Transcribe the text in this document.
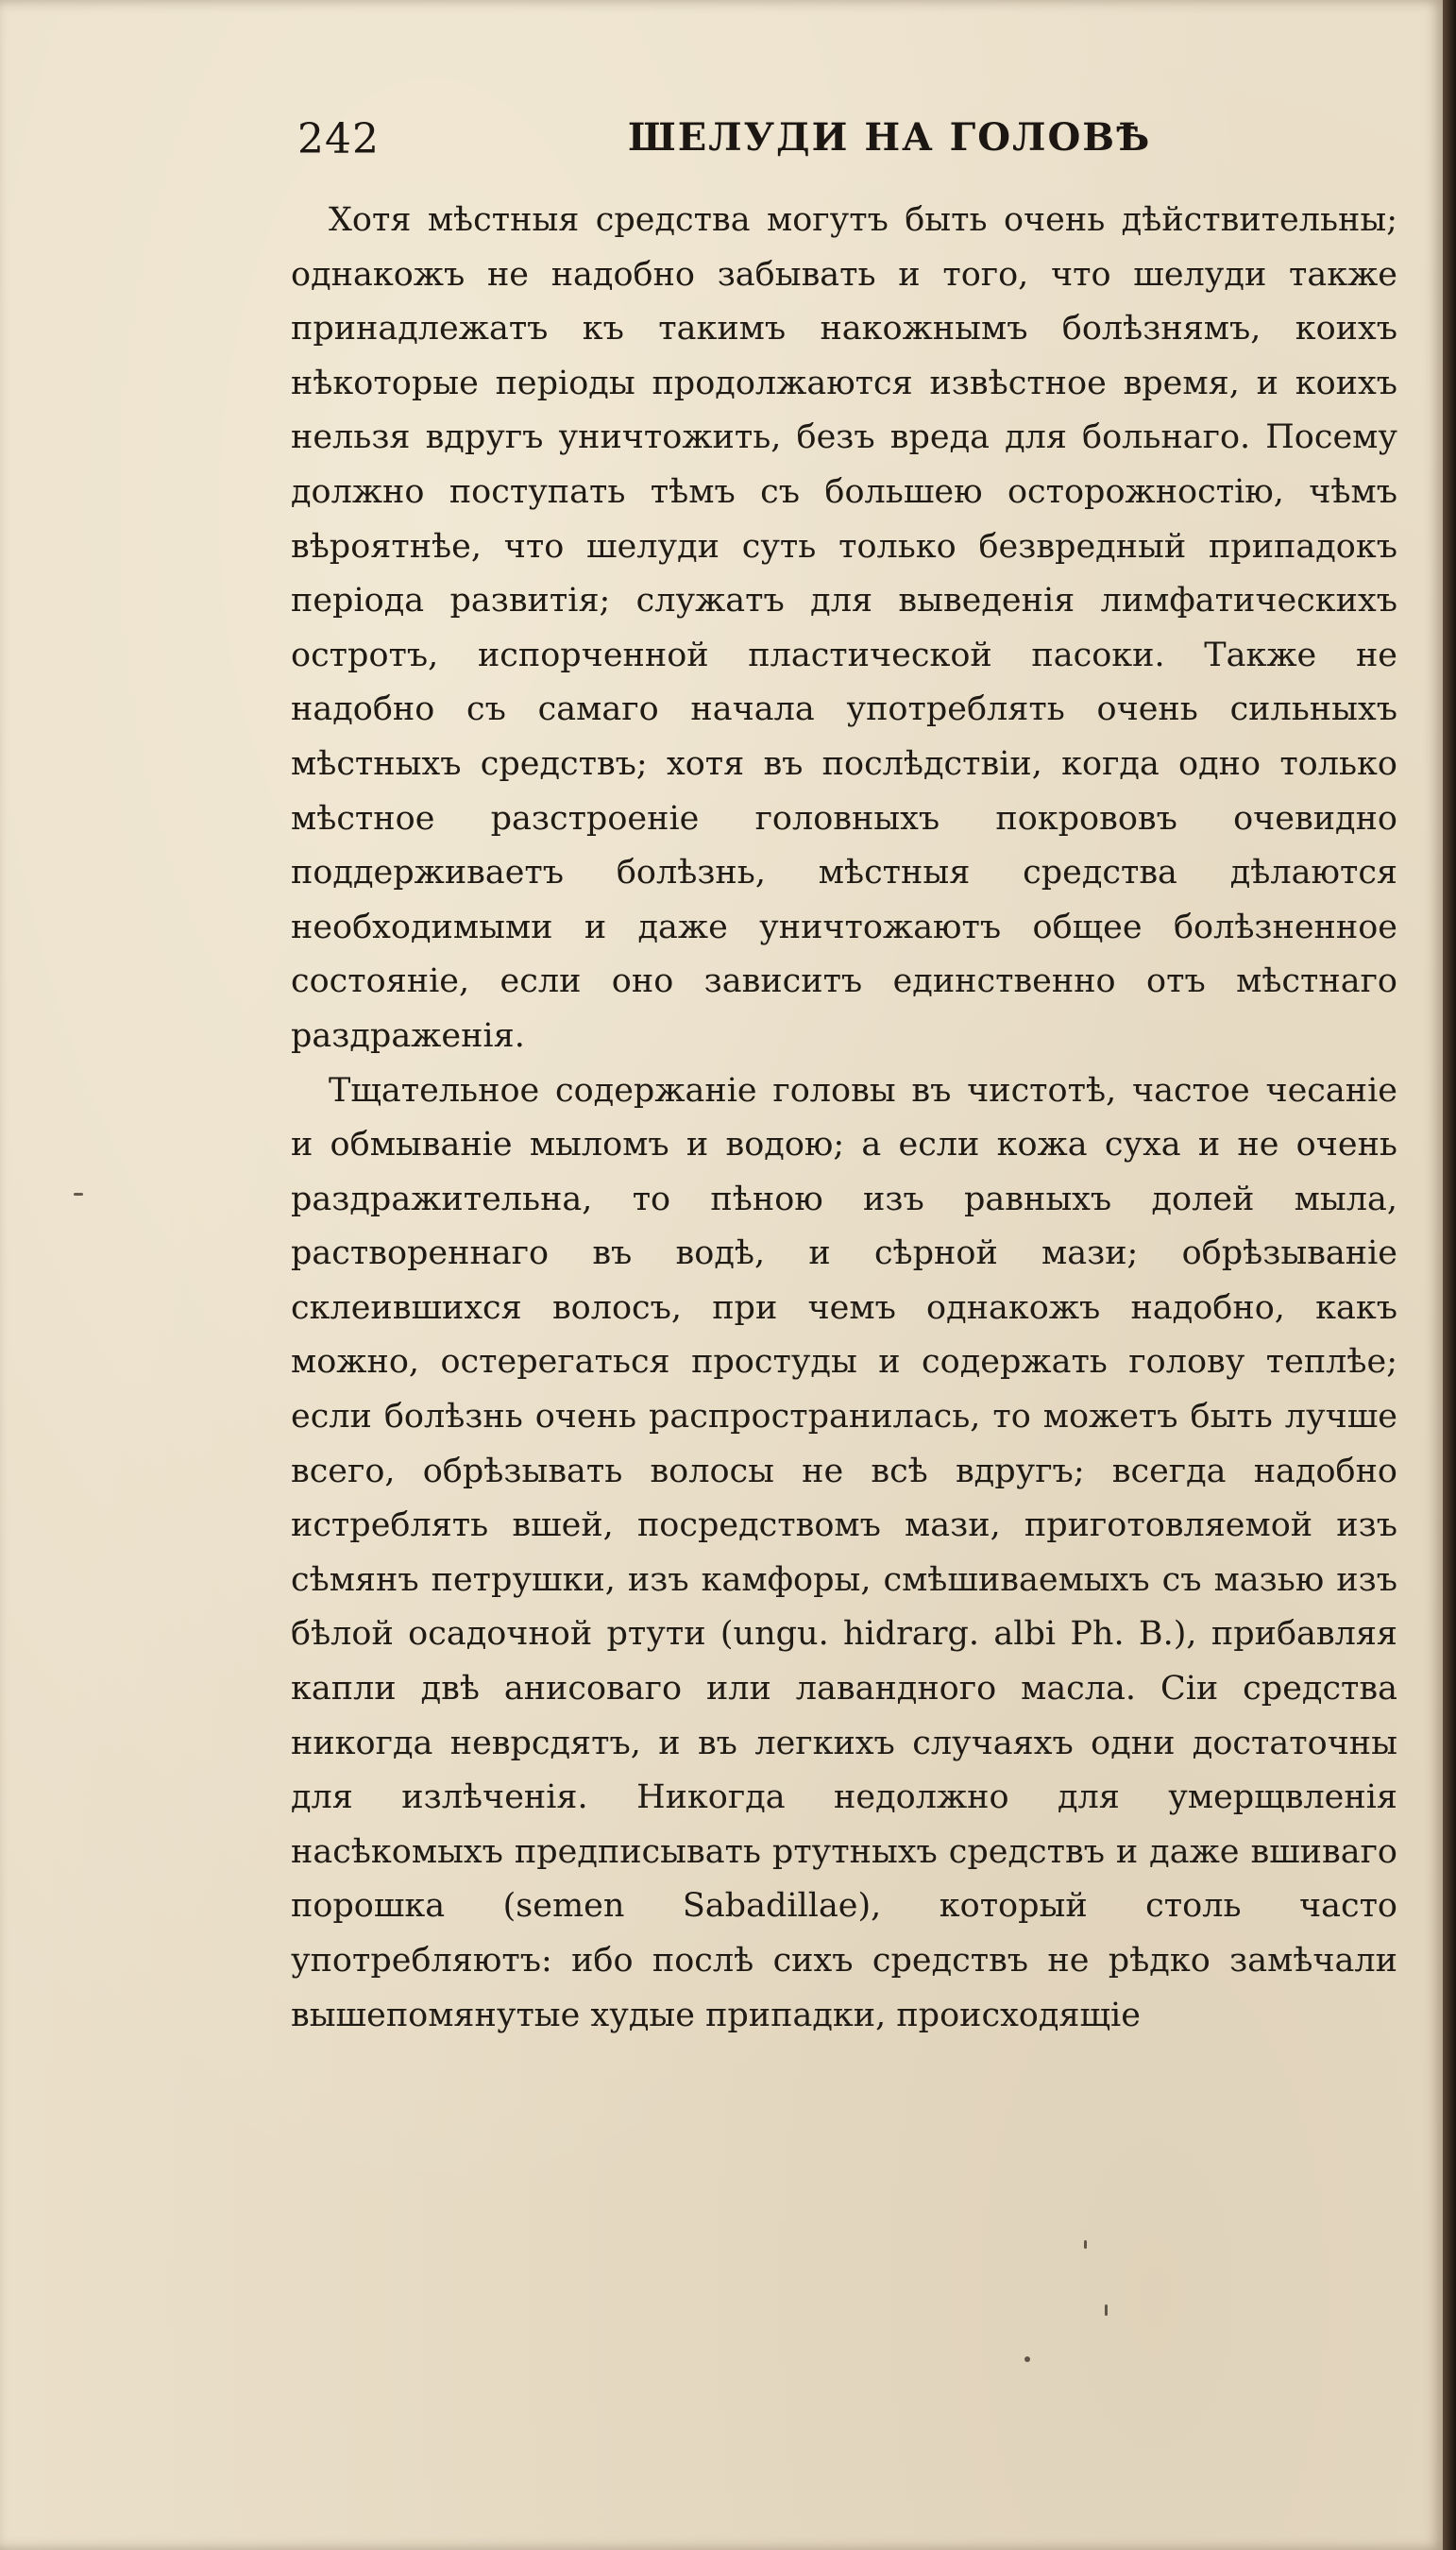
242	ШЕЛУДИ НА ГОЛОВѢ

Хотя мѣстныя средства могутъ быть очень дѣйствительны; однакожъ не надобно забывать и того, что шелуди также принадлежатъ къ такимъ накожнымъ болѣзнямъ, коихъ нѣкоторые періоды продолжаются извѣстное время, и коихъ нельзя вдругъ уничтожить, безъ вреда для больнаго. Посему должно поступать тѣмъ съ большею осторожностію, чѣмъ вѣроятнѣе, что шелуди суть только безвредный припадокъ періода развитія; служатъ для выведенія лимфатическихъ остротъ, испорченной пластической пасоки. Также не надобно съ самаго начала употреблять очень сильныхъ мѣстныхъ средствъ; хотя въ послѣдствіи, когда одно только мѣстное разстроеніе головныхъ покрововъ очевидно поддерживаетъ болѣзнь, мѣстныя средства дѣлаются необходимыми и даже уничтожаютъ общее болѣзненное состояніе, если оно зависитъ единственно отъ мѣстнаго раздраженія.

Тщательное содержаніе головы въ чистотѣ, частое чесаніе и обмываніе мыломъ и водою; а если кожа суха и не очень раздражительна, то пѣною изъ равныхъ долей мыла, раствореннаго въ водѣ, и сѣрной мази; обрѣзываніе склеившихся волосъ, при чемъ однакожъ надобно, какъ можно, остерегаться простуды и содержать голову теплѣе; если болѣзнь очень распространилась, то можетъ быть лучше всего, обрѣзывать волосы не всѣ вдругъ; всегда надобно истреблять вшей, посредствомъ мази, приготовляемой изъ сѣмянъ петрушки, изъ камфоры, смѣшиваемыхъ съ мазью изъ бѣлой осадочной ртути (ungu. hidrarg. albi Ph. B.), прибавляя капли двѣ анисоваго или лавандного масла. Сіи средства никогда неврсдятъ, и въ легкихъ случаяхъ одни достаточны для излѣченія. Никогда недолжно для умерщвленія насѣкомыхъ предписывать ртутныхъ средствъ и даже вшиваго порошка (semen Sabadillae), который столь часто употребляютъ: ибо послѣ сихъ средствъ не рѣдко замѣчали вышепомянутые худые припадки, происходящіе
